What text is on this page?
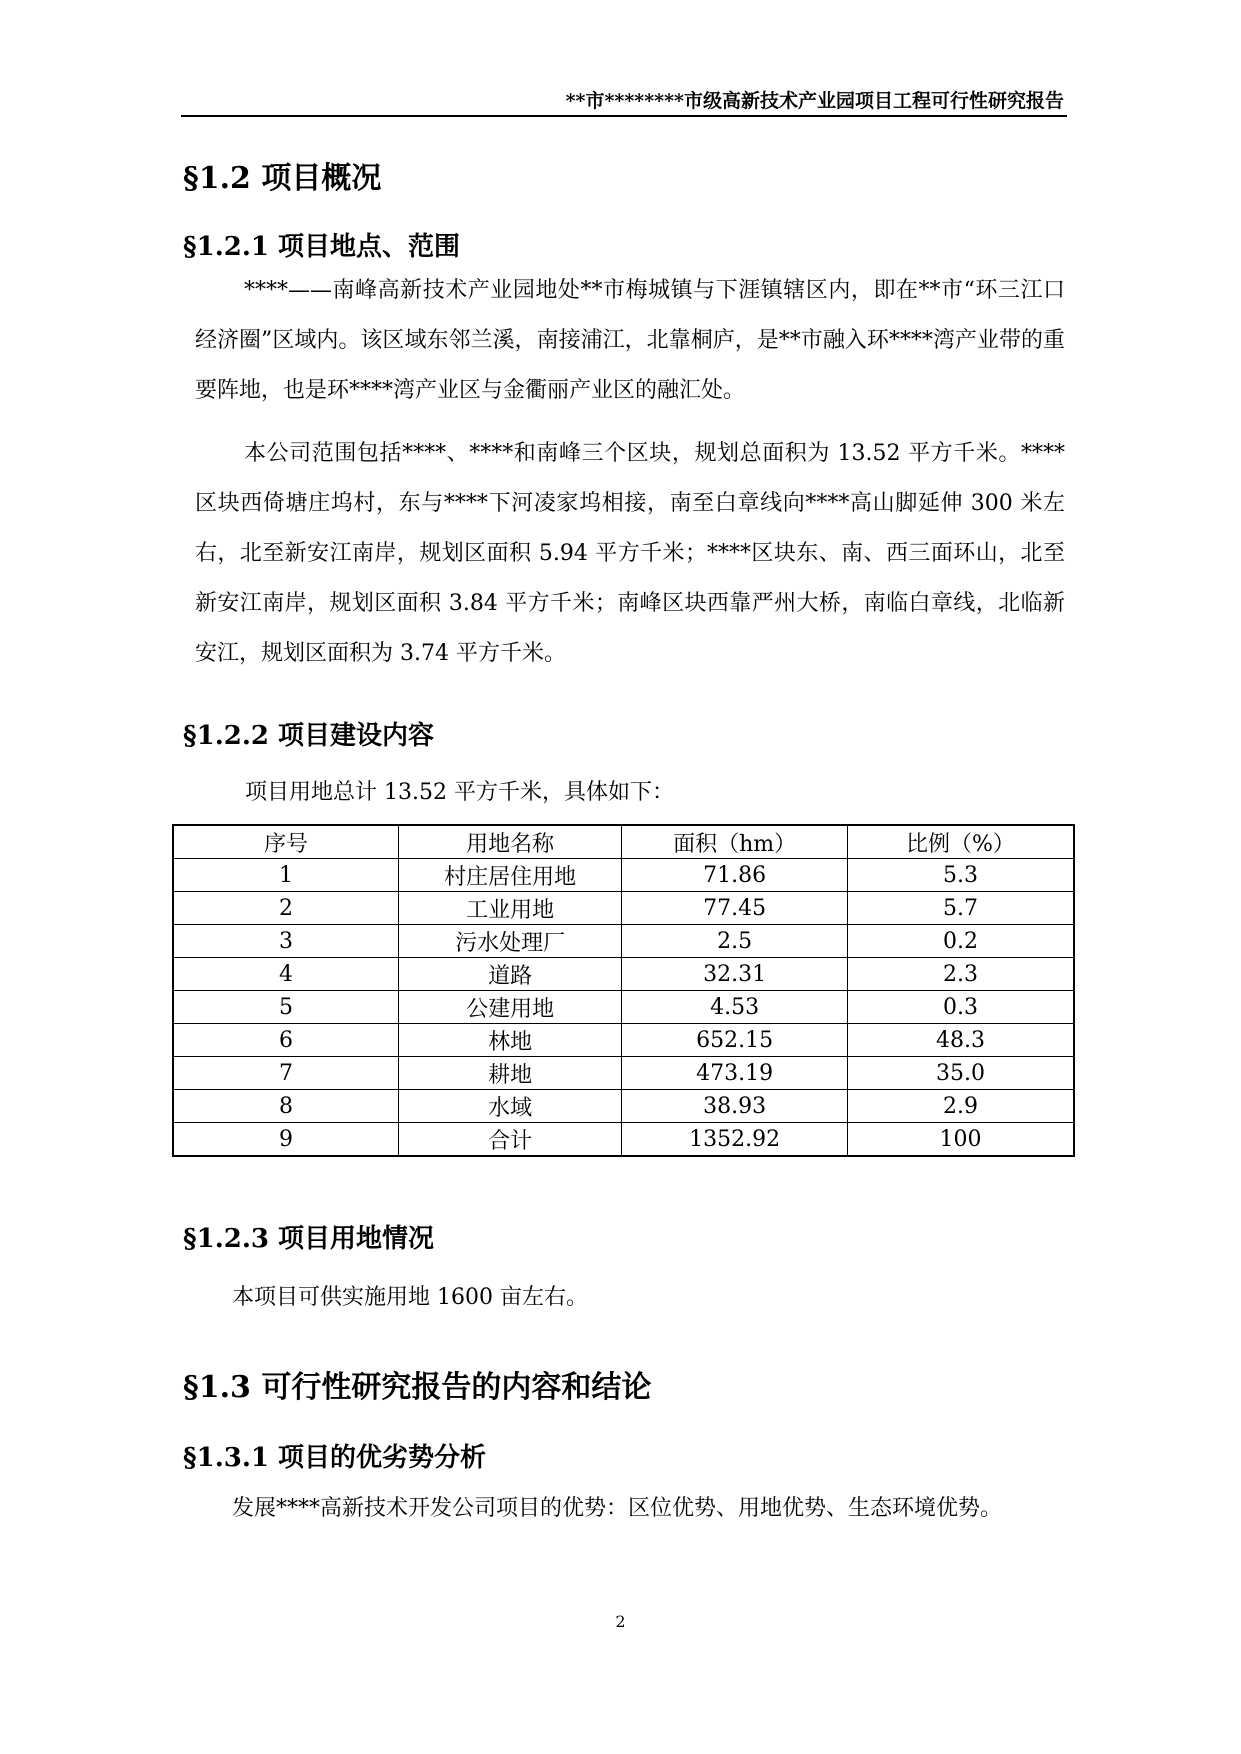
**市********市级高新技术产业园项目工程可行性研究报告
§1.2 项目概况
§1.2.1 项目地点、范围

****——南峰高新技术产业园地处**市梅城镇与下涯镇辖区内，即在**市“环三江口经济圈”区域内。该区域东邻兰溪，南接浦江，北靠桐庐，是**市融入环****湾产业带的重要阵地，也是环****湾产业区与金衢丽产业区的融汇处。

本公司范围包括****、****和南峰三个区块，规划总面积为 13.52 平方千米。****区块西倚塘庄坞村，东与****下河凌家坞相接，南至白章线向****高山脚延伸 300 米左右，北至新安江南岸，规划区面积 5.94 平方千米；****区块东、南、西三面环山，北至新安江南岸，规划区面积 3.84 平方千米；南峰区块西靠严州大桥，南临白章线，北临新安江，规划区面积为 3.74 平方千米。

§1.2.2 项目建设内容
项目用地总计 13.52 平方千米，具体如下：
序号	用地名称	面积（hm）	比例（%）
1	村庄居住用地	71.86	5.3
2	工业用地	77.45	5.7
3	污水处理厂	2.5	0.2
4	道路	32.31	2.3
5	公建用地	4.53	0.3
6	林地	652.15	48.3
7	耕地	473.19	35.0
8	水域	38.93	2.9
9	合计	1352.92	100
§1.2.3 项目用地情况

本项目可供实施用地 1600 亩左右。

§1.3 可行性研究报告的内容和结论
§1.3.1 项目的优劣势分析

发展****高新技术开发公司项目的优势：区位优势、用地优势、生态环境优势。

2
